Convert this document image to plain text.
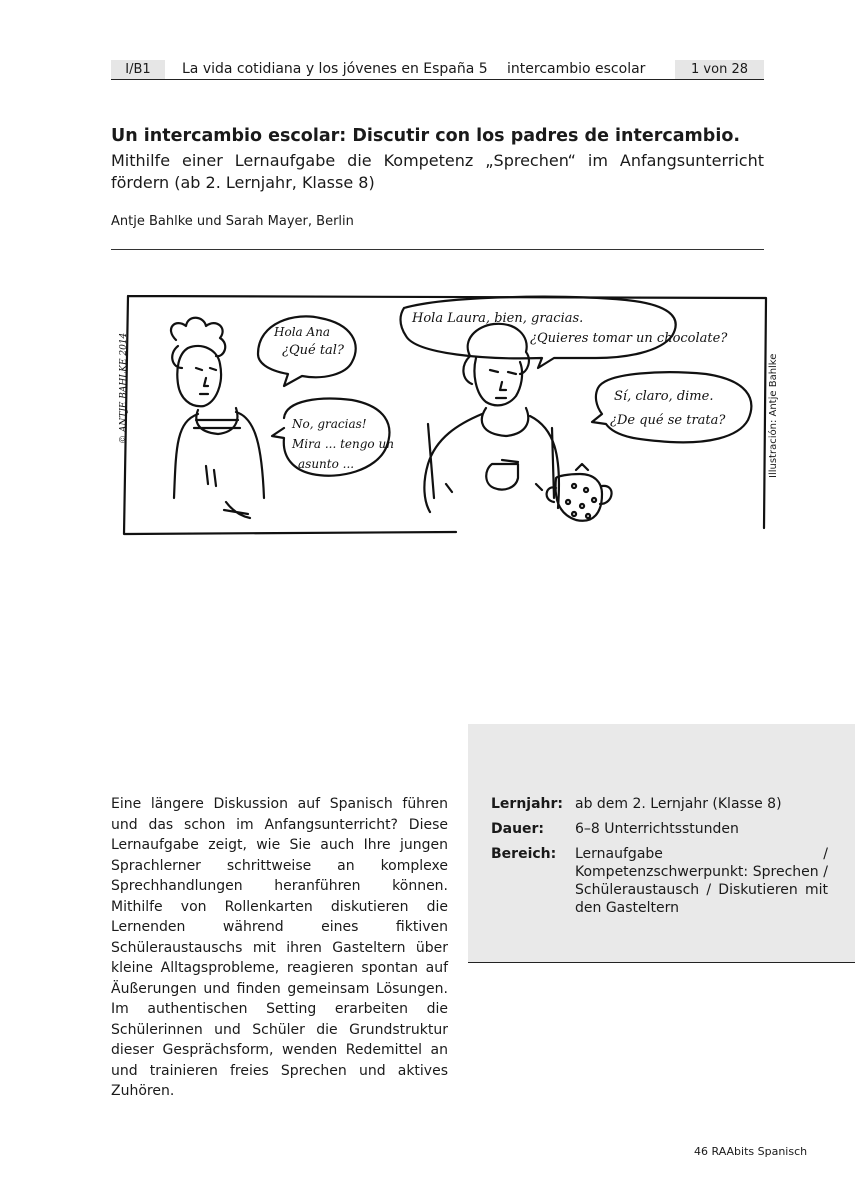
I/B1	La vida cotidiana y los jóvenes en España 5 intercambio escolar	1 von 28
Un intercambio escolar: Discutir con los padres de intercambio.
Mithilfe einer Lernaufgabe die Kompetenz „Sprechen“ im Anfangsunterricht fördern (ab 2. Lernjahr, Klasse 8)
Antje Bahlke und Sarah Mayer, Berlin
© ANTJE BAHLKE 2014
Hola Ana
¿Qué tal?
Hola Laura, bien, gracias.
¿Quieres tomar un chocolate?
No, gracias!
Mira ... tengo un
asunto ...
Sí, claro, dime.
¿De qué se trata?	Illustración: Antje Bahlke
Lernjahr: ab dem 2. Lernjahr (Klasse 8)
Dauer:	6–8 Unterrichtsstunden
Bereich:	Lernaufgabe / Kompetenzschwerpunkt: Sprechen / Schüleraustausch / Diskutieren mit den Gasteltern
Eine längere Diskussion auf Spanisch führen und das schon im Anfangsunterricht? Diese Lernaufgabe zeigt, wie Sie auch Ihre jungen Sprachlerner schrittweise an komplexe Sprechhandlungen heranführen können. Mithilfe von Rollenkarten diskutieren die Lernenden während eines fiktiven Schüleraustauschs mit ihren Gasteltern über kleine Alltagsprobleme, reagieren spontan auf Äußerungen und finden gemeinsam Lösungen. Im authentischen Setting erarbeiten die Schülerinnen und Schüler die Grundstruktur dieser Gesprächsform, wenden Redemittel an und trainieren freies Sprechen und aktives Zuhören.
46 RAAbits Spanisch
